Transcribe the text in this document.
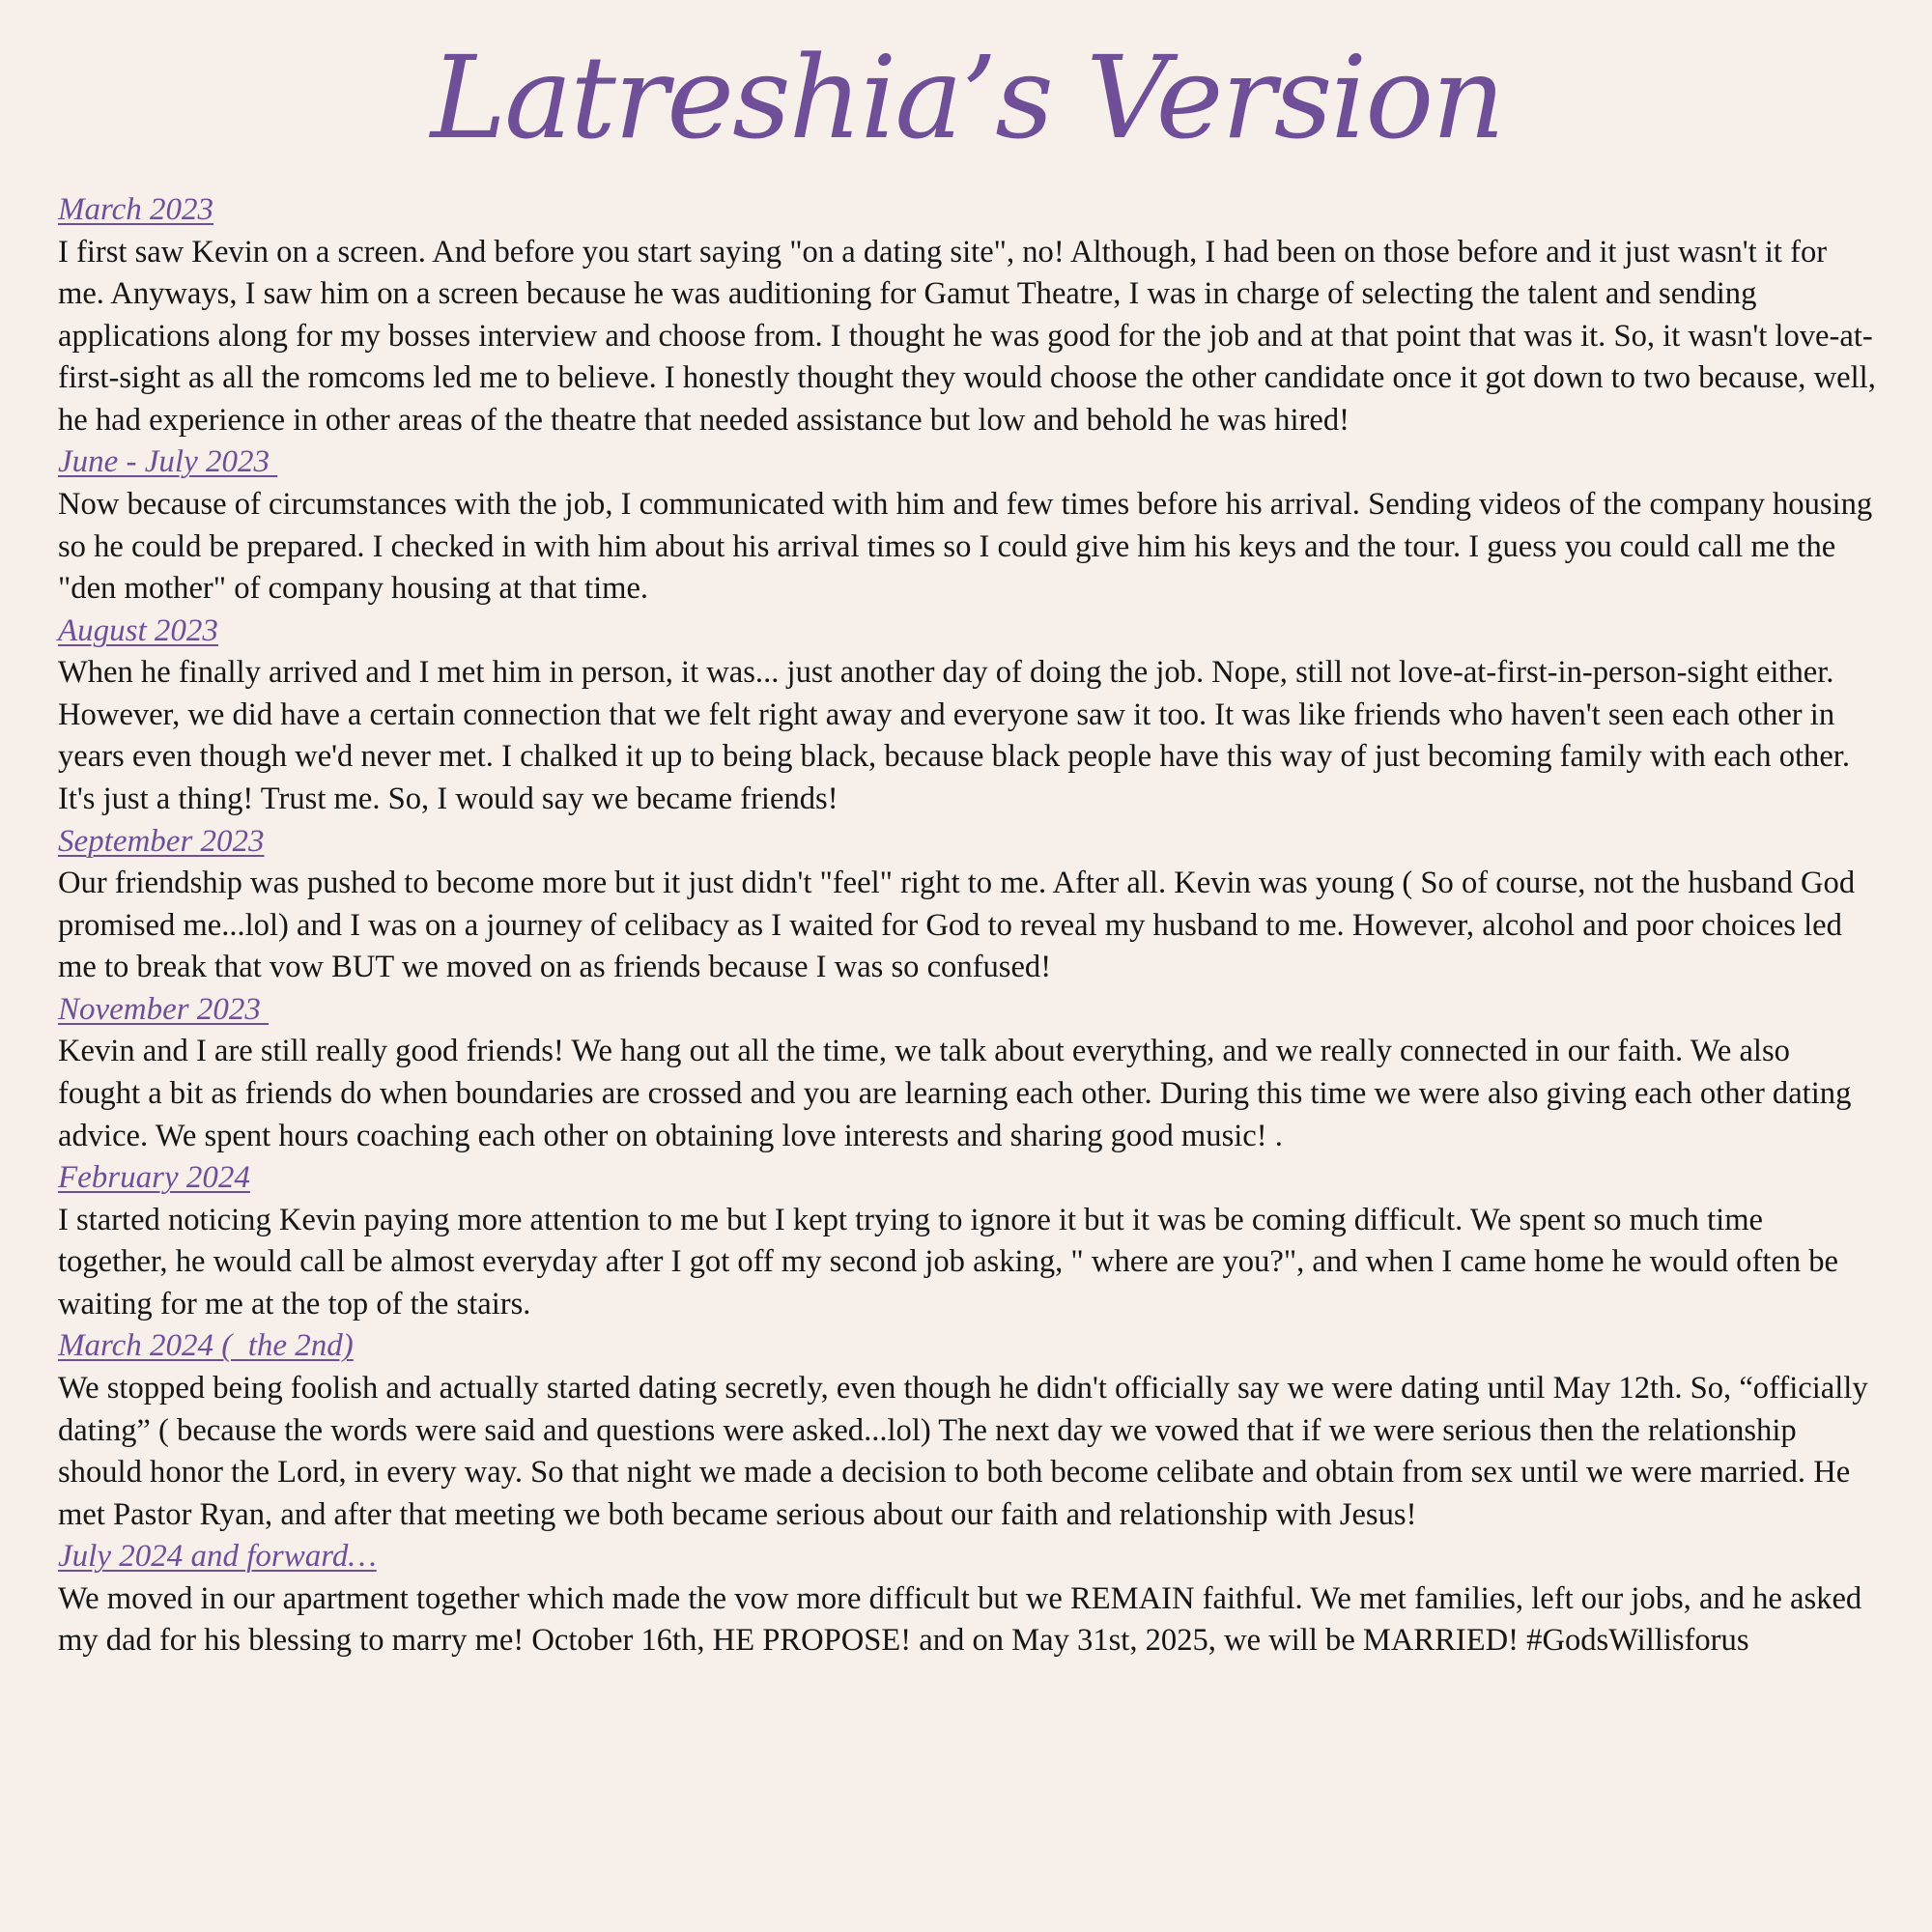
Latreshia’s Version
March 2023

I first saw Kevin on a screen. And before you start saying "on a dating site", no! Although, I had been on those before and it just wasn't it for me. Anyways, I saw him on a screen because he was auditioning for Gamut Theatre, I was in charge of selecting the talent and sending applications along for my bosses interview and choose from. I thought he was good for the job and at that point that was it. So, it wasn't love-at-first-sight as all the romcoms led me to believe. I honestly thought they would choose the other candidate once it got down to two because, well, he had experience in other areas of the theatre that needed assistance but low and behold he was hired!

June - July 2023

Now because of circumstances with the job, I communicated with him and few times before his arrival. Sending videos of the company housing so he could be prepared. I checked in with him about his arrival times so I could give him his keys and the tour. I guess you could call me the "den mother" of company housing at that time.

August 2023

When he finally arrived and I met him in person, it was... just another day of doing the job. Nope, still not love-at-first-in-person-sight either. However, we did have a certain connection that we felt right away and everyone saw it too. It was like friends who haven't seen each other in years even though we'd never met. I chalked it up to being black, because black people have this way of just becoming family with each other. It's just a thing! Trust me. So, I would say we became friends!

September 2023

Our friendship was pushed to become more but it just didn't "feel" right to me. After all. Kevin was young ( So of course, not the husband God promised me...lol) and I was on a journey of celibacy as I waited for God to reveal my husband to me. However, alcohol and poor choices led me to break that vow BUT we moved on as friends because I was so confused!

November 2023

Kevin and I are still really good friends! We hang out all the time, we talk about everything, and we really connected in our faith. We also fought a bit as friends do when boundaries are crossed and you are learning each other. During this time we were also giving each other dating advice. We spent hours coaching each other on obtaining love interests and sharing good music! .

February 2024

I started noticing Kevin paying more attention to me but I kept trying to ignore it but it was be coming difficult. We spent so much time together, he would call be almost everyday after I got off my second job asking, " where are you?", and when I came home he would often be waiting for me at the top of the stairs.

March 2024 (  the 2nd)

We stopped being foolish and actually started dating secretly, even though he didn't officially say we were dating until May 12th. So, “officially dating” ( because the words were said and questions were asked...lol) The next day we vowed that if we were serious then the relationship should honor the Lord, in every way. So that night we made a decision to both become celibate and obtain from sex until we were married. He met Pastor Ryan, and after that meeting we both became serious about our faith and relationship with Jesus!

July 2024 and forward…

We moved in our apartment together which made the vow more difficult but we REMAIN faithful. We met families, left our jobs, and he asked my dad for his blessing to marry me! October 16th, HE PROPOSE! and on May 31st, 2025, we will be MARRIED! #GodsWillisforus
